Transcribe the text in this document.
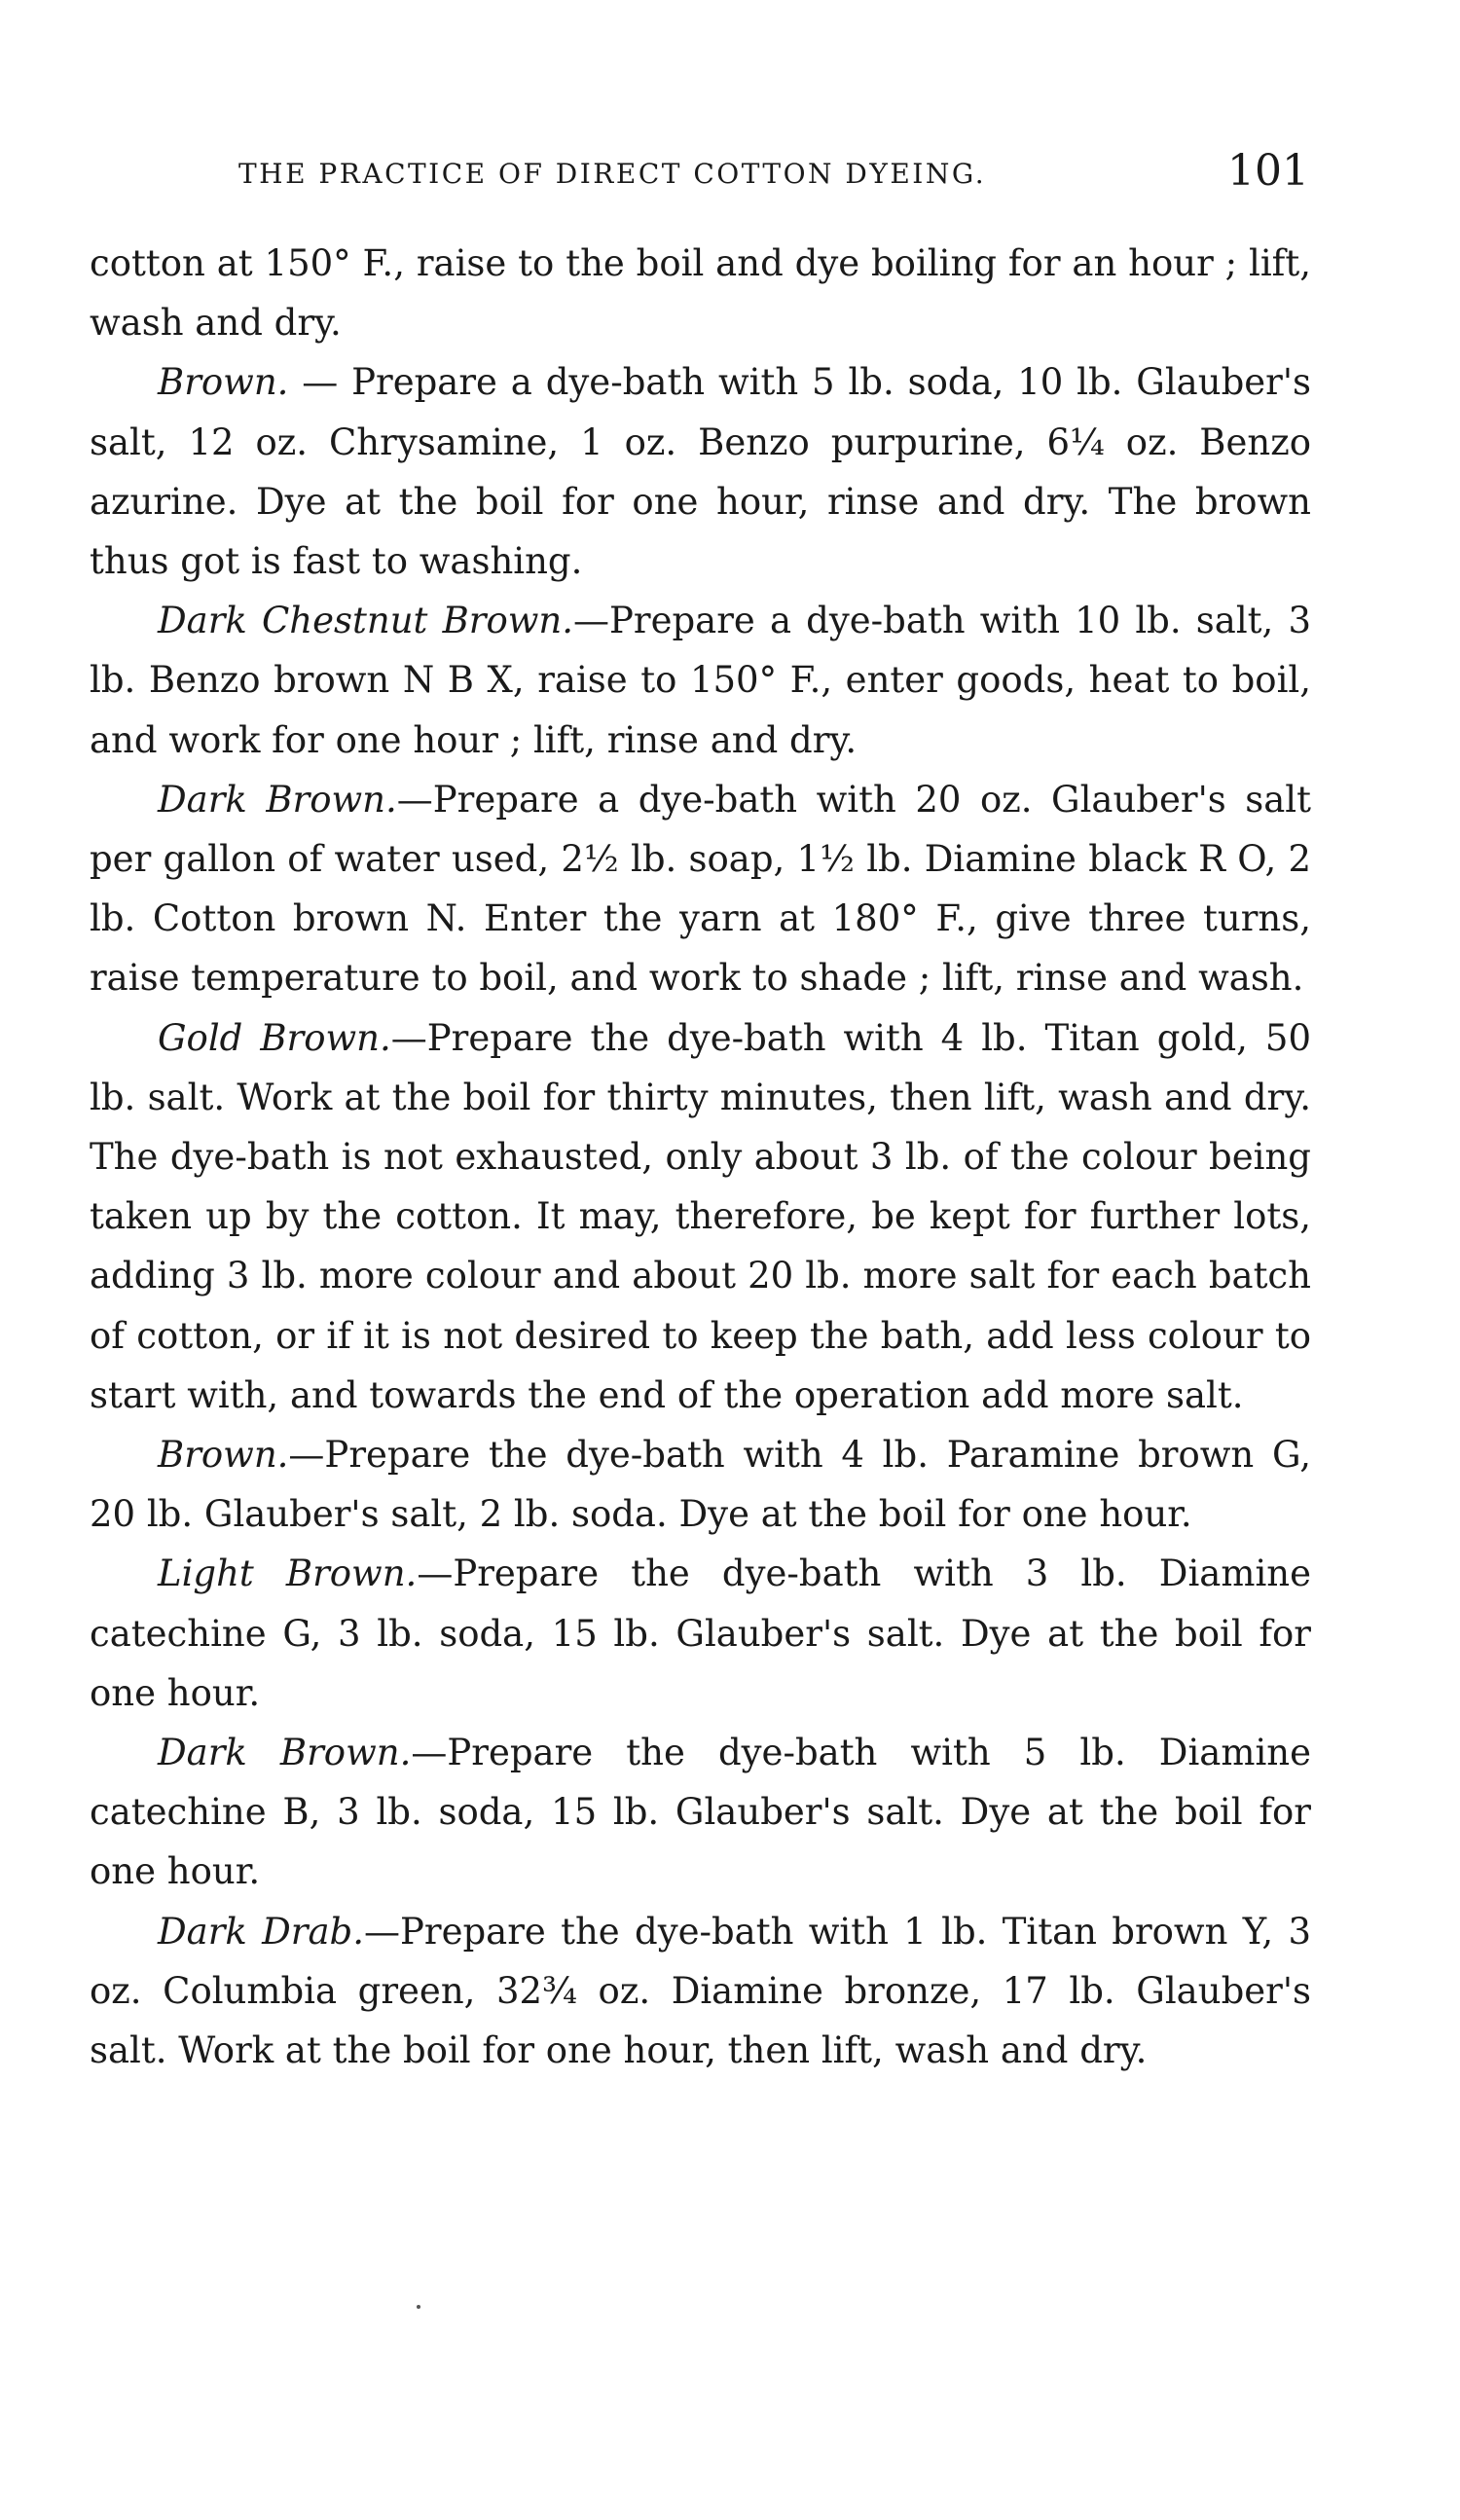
THE PRACTICE OF DIRECT COTTON DYEING.	101

cotton at 150° F., raise to the boil and dye boiling for an hour ; lift, wash and dry.

Brown. — Prepare a dye-bath with 5 lb. soda, 10 lb. Glauber's salt, 12 oz. Chrysamine, 1 oz. Benzo purpurine, 6¼ oz. Benzo azurine. Dye at the boil for one hour, rinse and dry. The brown thus got is fast to washing.

Dark Chestnut Brown.—Prepare a dye-bath with 10 lb. salt, 3 lb. Benzo brown N B X, raise to 150° F., enter goods, heat to boil, and work for one hour ; lift, rinse and dry.

Dark Brown.—Prepare a dye-bath with 20 oz. Glauber's salt per gallon of water used, 2½ lb. soap, 1½ lb. Diamine black R O, 2 lb. Cotton brown N. Enter the yarn at 180° F., give three turns, raise temperature to boil, and work to shade ; lift, rinse and wash.

Gold Brown.—Prepare the dye-bath with 4 lb. Titan gold, 50 lb. salt. Work at the boil for thirty minutes, then lift, wash and dry. The dye-bath is not exhausted, only about 3 lb. of the colour being taken up by the cotton. It may, therefore, be kept for further lots, adding 3 lb. more colour and about 20 lb. more salt for each batch of cotton, or if it is not desired to keep the bath, add less colour to start with, and towards the end of the operation add more salt.

Brown.—Prepare the dye-bath with 4 lb. Paramine brown G, 20 lb. Glauber's salt, 2 lb. soda. Dye at the boil for one hour.

Light Brown.—Prepare the dye-bath with 3 lb. Diamine catechine G, 3 lb. soda, 15 lb. Glauber's salt. Dye at the boil for one hour.

Dark Brown.—Prepare the dye-bath with 5 lb. Diamine catechine B, 3 lb. soda, 15 lb. Glauber's salt. Dye at the boil for one hour.

Dark Drab.—Prepare the dye-bath with 1 lb. Titan brown Y, 3 oz. Columbia green, 32¾ oz. Diamine bronze, 17 lb. Glauber's salt. Work at the boil for one hour, then lift, wash and dry.
